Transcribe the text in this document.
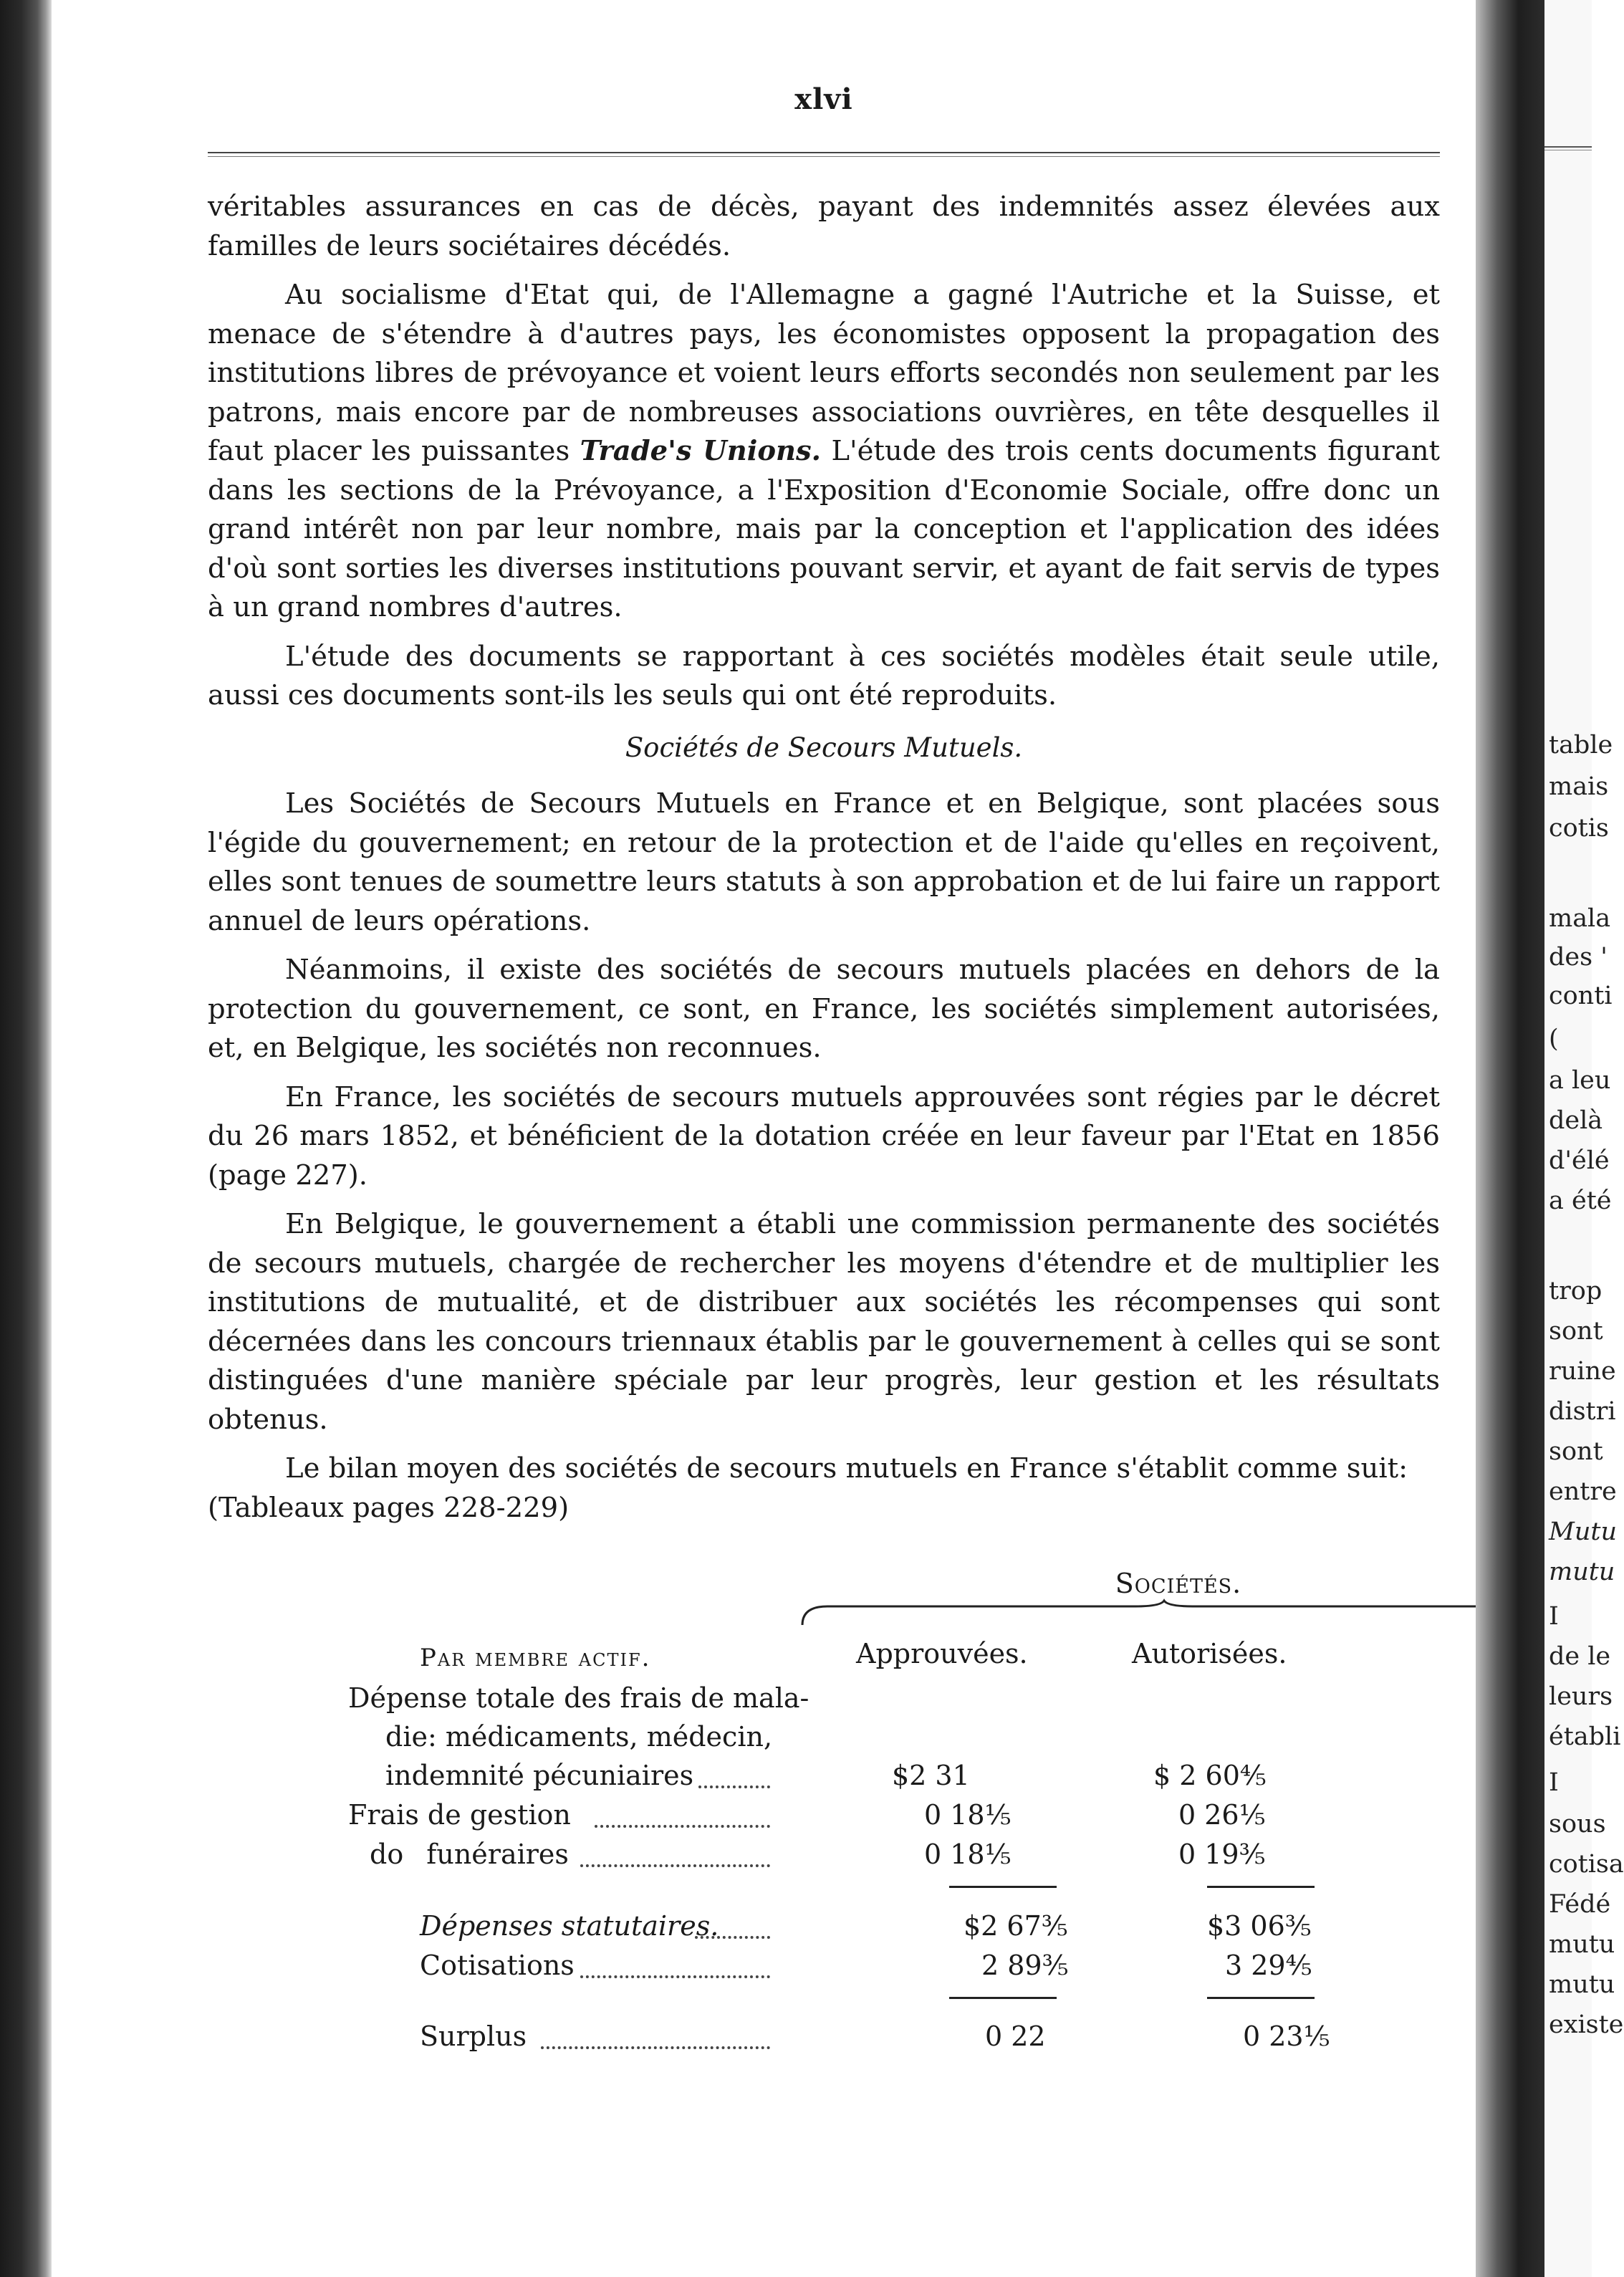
xlvi

véritables assurances en cas de décès, payant des indemnités assez élevées aux familles de leurs sociétaires décédés.

Au socialisme d'Etat qui, de l'Allemagne a gagné l'Autriche et la Suisse, et menace de s'étendre à d'autres pays, les économistes opposent la propagation des institutions libres de prévoyance et voient leurs efforts secondés non seulement par les patrons, mais encore par de nombreuses associations ouvrières, en tête desquelles il faut placer les puissantes Trade's Unions. L'étude des trois cents documents figurant dans les sections de la Prévoyance, a l'Exposition d'Economie Sociale, offre donc un grand intérêt non par leur nombre, mais par la conception et l'application des idées d'où sont sorties les diverses institutions pouvant servir, et ayant de fait servis de types à un grand nombres d'autres.

L'étude des documents se rapportant à ces sociétés modèles était seule utile, aussi ces documents sont-ils les seuls qui ont été reproduits.

Sociétés de Secours Mutuels.

Les Sociétés de Secours Mutuels en France et en Belgique, sont placées sous l'égide du gouvernement; en retour de la protection et de l'aide qu'elles en reçoivent, elles sont tenues de soumettre leurs statuts à son approbation et de lui faire un rapport annuel de leurs opérations.

Néanmoins, il existe des sociétés de secours mutuels placées en dehors de la protection du gouvernement, ce sont, en France, les sociétés simplement autorisées, et, en Belgique, les sociétés non reconnues.

En France, les sociétés de secours mutuels approuvées sont régies par le décret du 26 mars 1852, et bénéficient de la dotation créée en leur faveur par l'Etat en 1856 (page 227).

En Belgique, le gouvernement a établi une commission permanente des sociétés de secours mutuels, chargée de rechercher les moyens d'étendre et de multiplier les institutions de mutualité, et de distribuer aux sociétés les récompenses qui sont décernées dans les concours triennaux établis par le gouvernement à celles qui se sont distinguées d'une manière spéciale par leur progrès, leur gestion et les résultats obtenus.

Le bilan moyen des sociétés de secours mutuels en France s'établit comme suit:

(Tableaux pages 228-229)

Sociétés.
Par membre actif.	Approuvées.	Autorisées.
Dépense totale des frais de mala-
die: médicaments, médecin,
indemnité pécuniaires	$2 31	$ 2 60⅘
Frais de gestion	0 18⅕	0 26⅕
do funéraires	0 18⅕	0 19⅗
Dépenses statutaires.	$2 67⅗	$3 06⅗
Cotisations	2 89⅗	3 29⅘
Surplus	0 22	0 23⅕
table
mais
cotis
mala
des '
conti
(
a leu
delà
d'élé
a été
trop
sont
ruine
distri
sont
entre
Mutu
mutu
I
de le
leurs
établi
I
sous
cotisa
Fédé
mutu
mutu
existe
